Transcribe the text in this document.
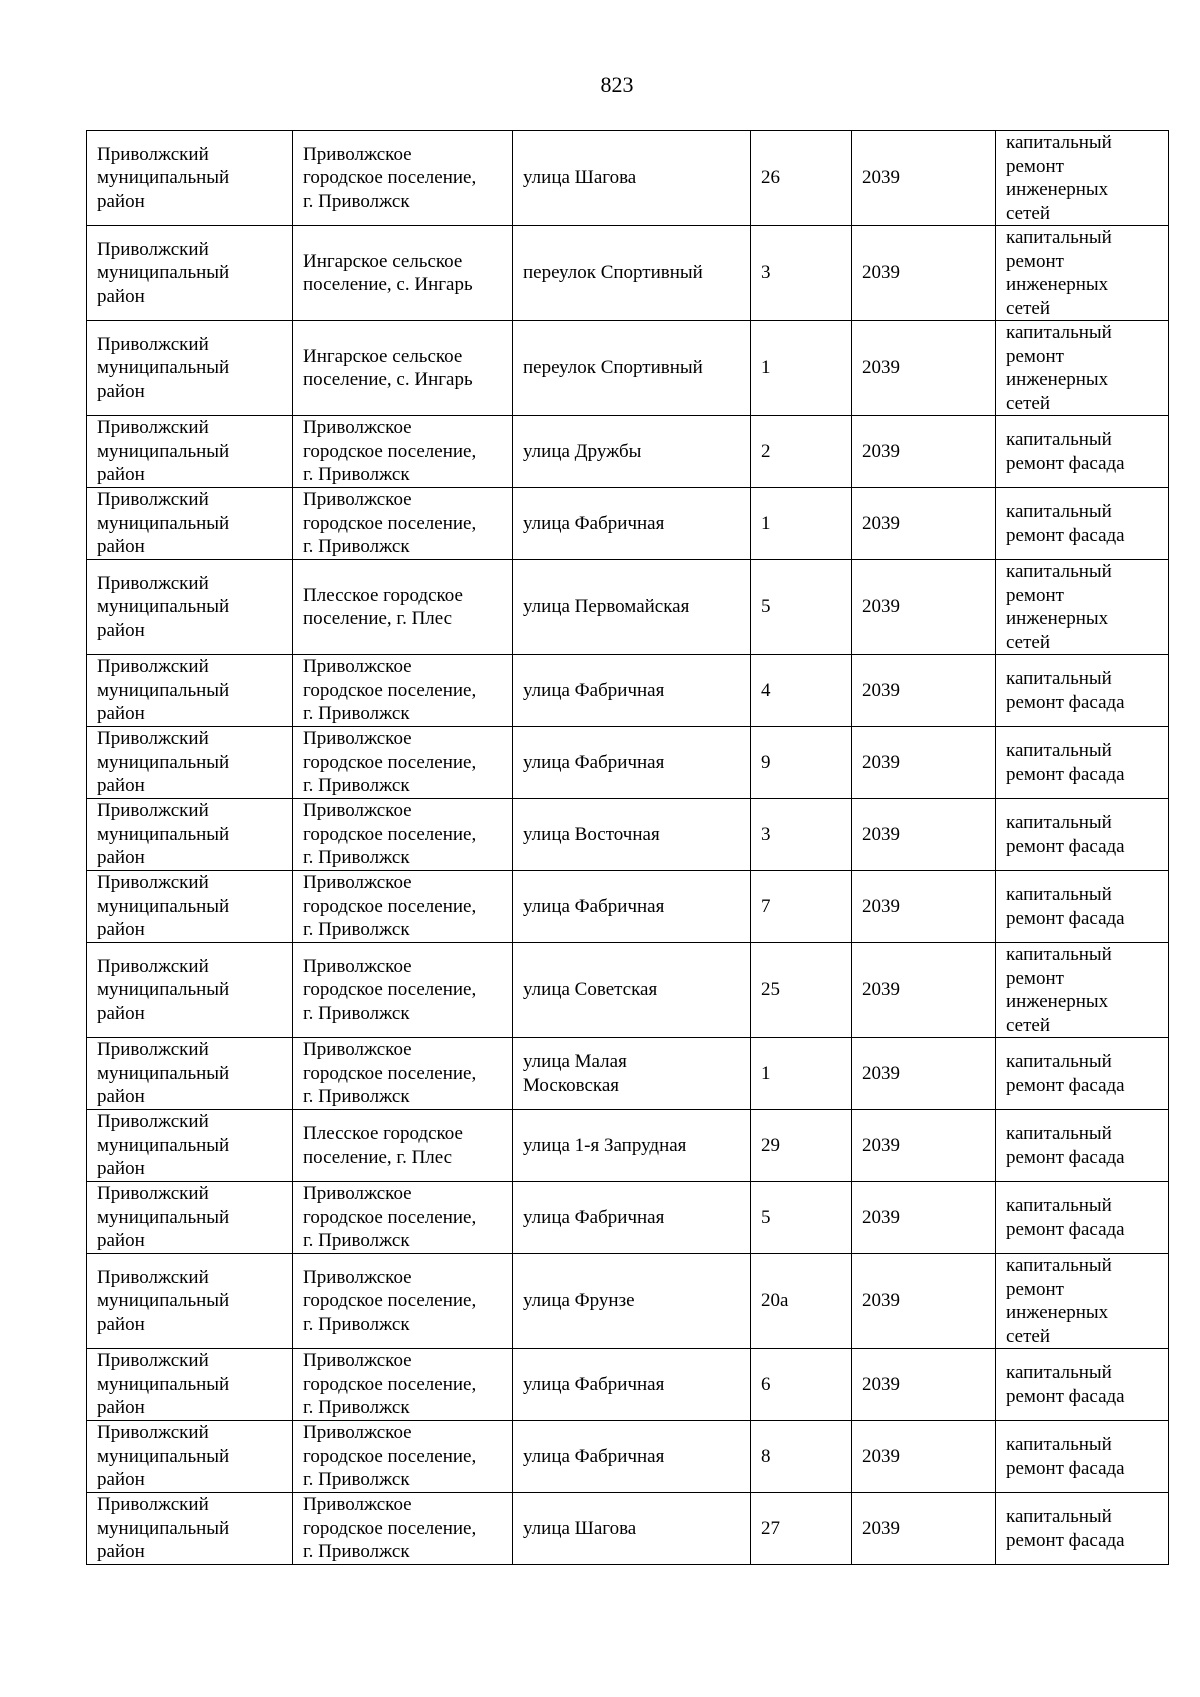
823
Приволжский
муниципальный
район	Приволжское
городское поселение,
г. Приволжск	улица Шагова	26	2039	капитальный
ремонт
инженерных
сетей
Приволжский
муниципальный
район	Ингарское сельское
поселение, с. Ингарь	переулок Спортивный	3	2039	капитальный
ремонт
инженерных
сетей
Приволжский
муниципальный
район	Ингарское сельское
поселение, с. Ингарь	переулок Спортивный	1	2039	капитальный
ремонт
инженерных
сетей
Приволжский
муниципальный
район	Приволжское
городское поселение,
г. Приволжск	улица Дружбы	2	2039	капитальный
ремонт фасада
Приволжский
муниципальный
район	Приволжское
городское поселение,
г. Приволжск	улица Фабричная	1	2039	капитальный
ремонт фасада
Приволжский
муниципальный
район	Плесское городское
поселение, г. Плес	улица Первомайская	5	2039	капитальный
ремонт
инженерных
сетей
Приволжский
муниципальный
район	Приволжское
городское поселение,
г. Приволжск	улица Фабричная	4	2039	капитальный
ремонт фасада
Приволжский
муниципальный
район	Приволжское
городское поселение,
г. Приволжск	улица Фабричная	9	2039	капитальный
ремонт фасада
Приволжский
муниципальный
район	Приволжское
городское поселение,
г. Приволжск	улица Восточная	3	2039	капитальный
ремонт фасада
Приволжский
муниципальный
район	Приволжское
городское поселение,
г. Приволжск	улица Фабричная	7	2039	капитальный
ремонт фасада
Приволжский
муниципальный
район	Приволжское
городское поселение,
г. Приволжск	улица Советская	25	2039	капитальный
ремонт
инженерных
сетей
Приволжский
муниципальный
район	Приволжское
городское поселение,
г. Приволжск	улица Малая
Московская	1	2039	капитальный
ремонт фасада
Приволжский
муниципальный
район	Плесское городское
поселение, г. Плес	улица 1-я Запрудная	29	2039	капитальный
ремонт фасада
Приволжский
муниципальный
район	Приволжское
городское поселение,
г. Приволжск	улица Фабричная	5	2039	капитальный
ремонт фасада
Приволжский
муниципальный
район	Приволжское
городское поселение,
г. Приволжск	улица Фрунзе	20а	2039	капитальный
ремонт
инженерных
сетей
Приволжский
муниципальный
район	Приволжское
городское поселение,
г. Приволжск	улица Фабричная	6	2039	капитальный
ремонт фасада
Приволжский
муниципальный
район	Приволжское
городское поселение,
г. Приволжск	улица Фабричная	8	2039	капитальный
ремонт фасада
Приволжский
муниципальный
район	Приволжское
городское поселение,
г. Приволжск	улица Шагова	27	2039	капитальный
ремонт фасада
